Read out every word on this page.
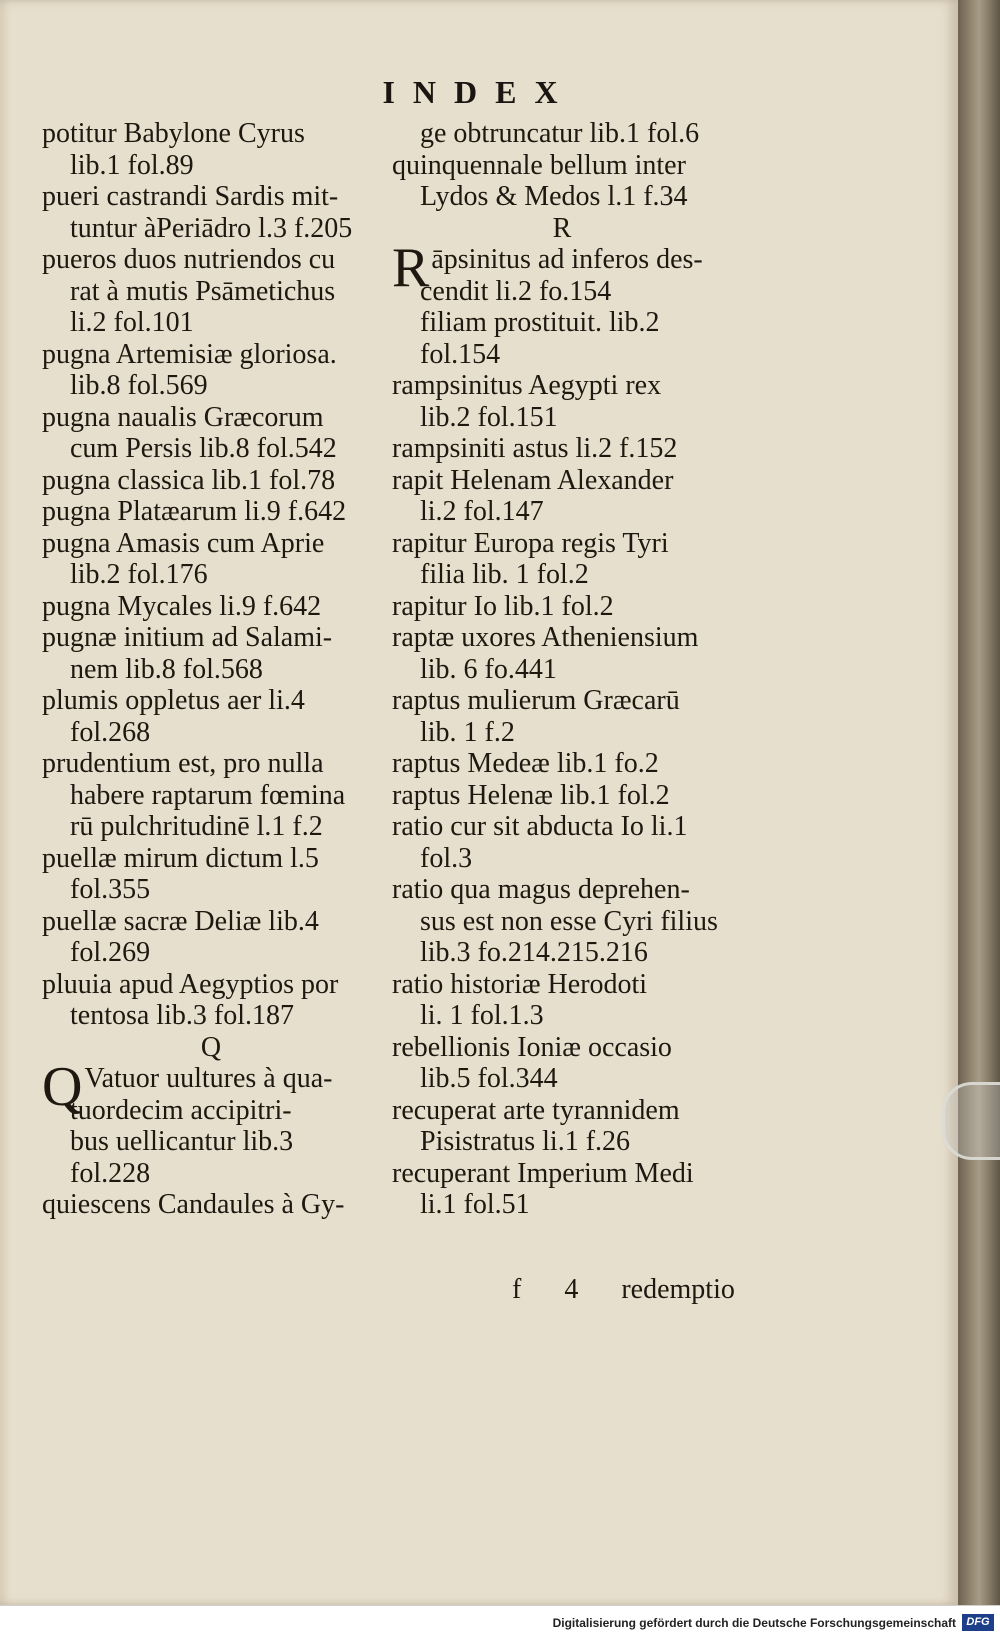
INDEX
potitur Babylone Cyrus
lib.1 fol.89
pueri castrandi Sardis mit-
tuntur àPeriādro l.3 f.205
pueros duos nutriendos cu
rat à mutis Psāmetichus
li.2 fol.101
pugna Artemisiæ gloriosa.
lib.8 fol.569
pugna naualis Græcorum
cum Persis lib.8 fol.542
pugna classica lib.1 fol.78
pugna Platæarum li.9 f.642
pugna Amasis cum Aprie
lib.2 fol.176
pugna Mycales li.9 f.642
pugnæ initium ad Salami-
nem lib.8 fol.568
plumis oppletus aer li.4
fol.268
prudentium est, pro nulla
habere raptarum fœmina
rū pulchritudinē l.1 f.2
puellæ mirum dictum l.5
fol.355
puellæ sacræ Deliæ lib.4
fol.269
pluuia apud Aegyptios por
tentosa lib.3 fol.187
Q
QVatuor uultures à qua-
tuordecim accipitri-
bus uellicantur lib.3
fol.228
quiescens Candaules à Gy-
ge obtruncatur lib.1 fol.6
quinquennale bellum inter
Lydos & Medos l.1 f.34
R
Rāpsinitus ad inferos des-
cendit li.2 fo.154
filiam prostituit. lib.2
fol.154
rampsinitus Aegypti rex
lib.2 fol.151
rampsiniti astus li.2 f.152
rapit Helenam Alexander
li.2 fol.147
rapitur Europa regis Tyri
filia lib. 1 fol.2
rapitur Io lib.1 fol.2
raptæ uxores Atheniensium
lib. 6 fo.441
raptus mulierum Græcarū
lib. 1 f.2
raptus Medeæ lib.1 fo.2
raptus Helenæ lib.1 fol.2
ratio cur sit abducta Io li.1
fol.3
ratio qua magus deprehen-
sus est non esse Cyri filius
lib.3 fo.214.215.216
ratio historiæ Herodoti
li. 1 fol.1.3
rebellionis Ioniæ occasio
lib.5 fol.344
recuperat arte tyrannidem
Pisistratus li.1 f.26
recuperant Imperium Medi
li.1 fol.51
f 4 redemptio
Digitalisierung gefördert durch die Deutsche Forschungsgemeinschaft DFG
